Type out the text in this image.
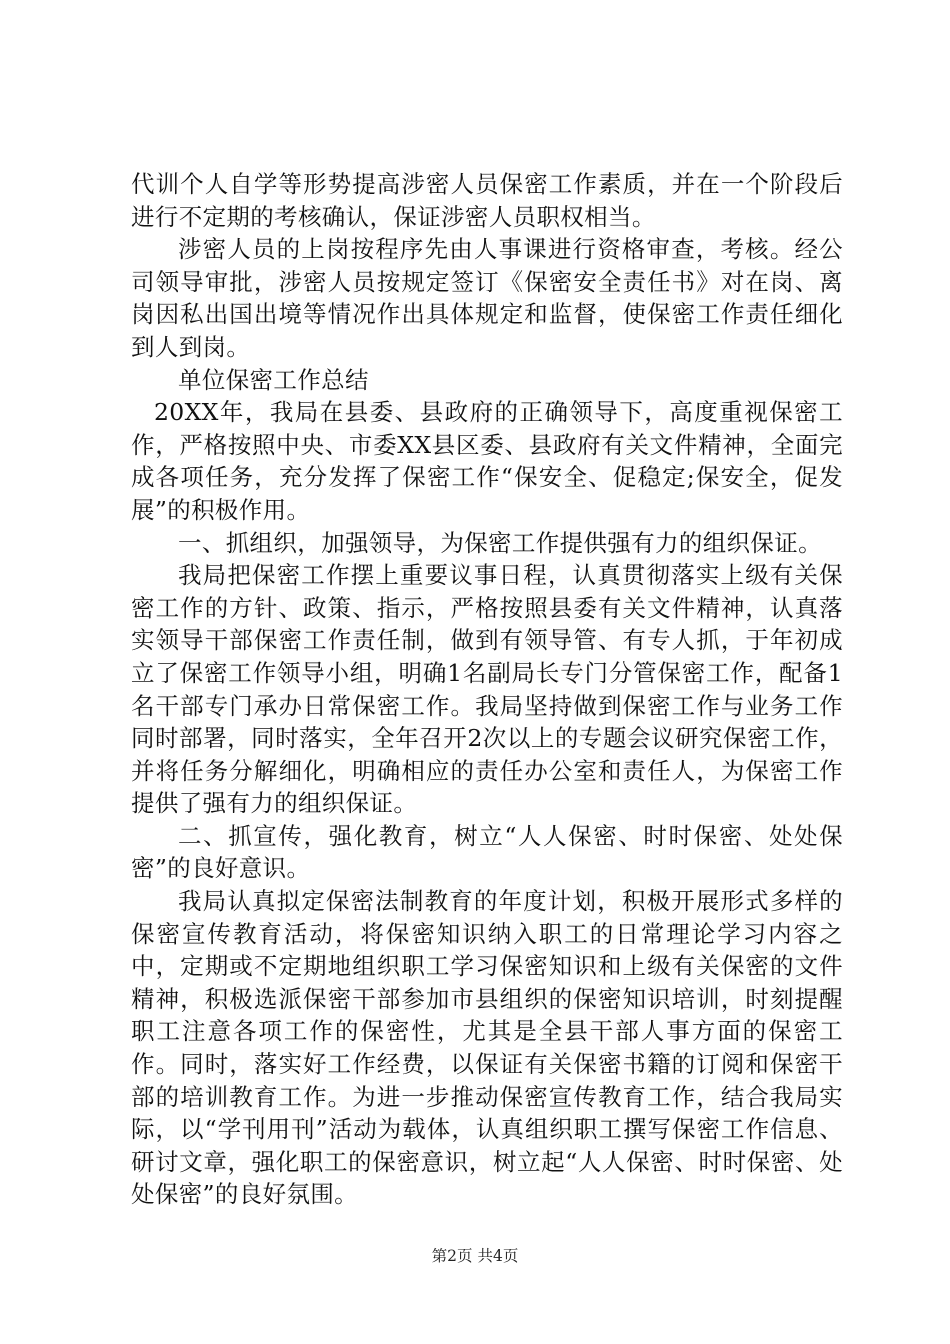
代训个人自学等形势提高涉密人员保密工作素质，并在一个阶段后进行不定期的考核确认，保证涉密人员职权相当。

涉密人员的上岗按程序先由人事课进行资格审查，考核。经公司领导审批，涉密人员按规定签订《保密安全责任书》对在岗、离岗因私出国出境等情况作出具体规定和监督，使保密工作责任细化到人到岗。

单位保密工作总结

20XX年，我局在县委、县政府的正确领导下，高度重视保密工作，严格按照中央、市委XX县区委、县政府有关文件精神，全面完成各项任务，充分发挥了保密工作“保安全、促稳定;保安全，促发展”的积极作用。

一、抓组织，加强领导，为保密工作提供强有力的组织保证。

我局把保密工作摆上重要议事日程，认真贯彻落实上级有关保密工作的方针、政策、指示，严格按照县委有关文件精神，认真落实领导干部保密工作责任制，做到有领导管、有专人抓，于年初成立了保密工作领导小组，明确1名副局长专门分管保密工作，配备1名干部专门承办日常保密工作。我局坚持做到保密工作与业务工作同时部署，同时落实，全年召开2次以上的专题会议研究保密工作，并将任务分解细化，明确相应的责任办公室和责任人，为保密工作提供了强有力的组织保证。

二、抓宣传，强化教育，树立“人人保密、时时保密、处处保密”的良好意识。

我局认真拟定保密法制教育的年度计划，积极开展形式多样的保密宣传教育活动，将保密知识纳入职工的日常理论学习内容之中，定期或不定期地组织职工学习保密知识和上级有关保密的文件精神，积极选派保密干部参加市县组织的保密知识培训，时刻提醒职工注意各项工作的保密性，尤其是全县干部人事方面的保密工作。同时，落实好工作经费，以保证有关保密书籍的订阅和保密干部的培训教育工作。为进一步推动保密宣传教育工作，结合我局实际，以“学刊用刊”活动为载体，认真组织职工撰写保密工作信息、研讨文章，强化职工的保密意识，树立起“人人保密、时时保密、处处保密”的良好氛围。

第2页 共4页
